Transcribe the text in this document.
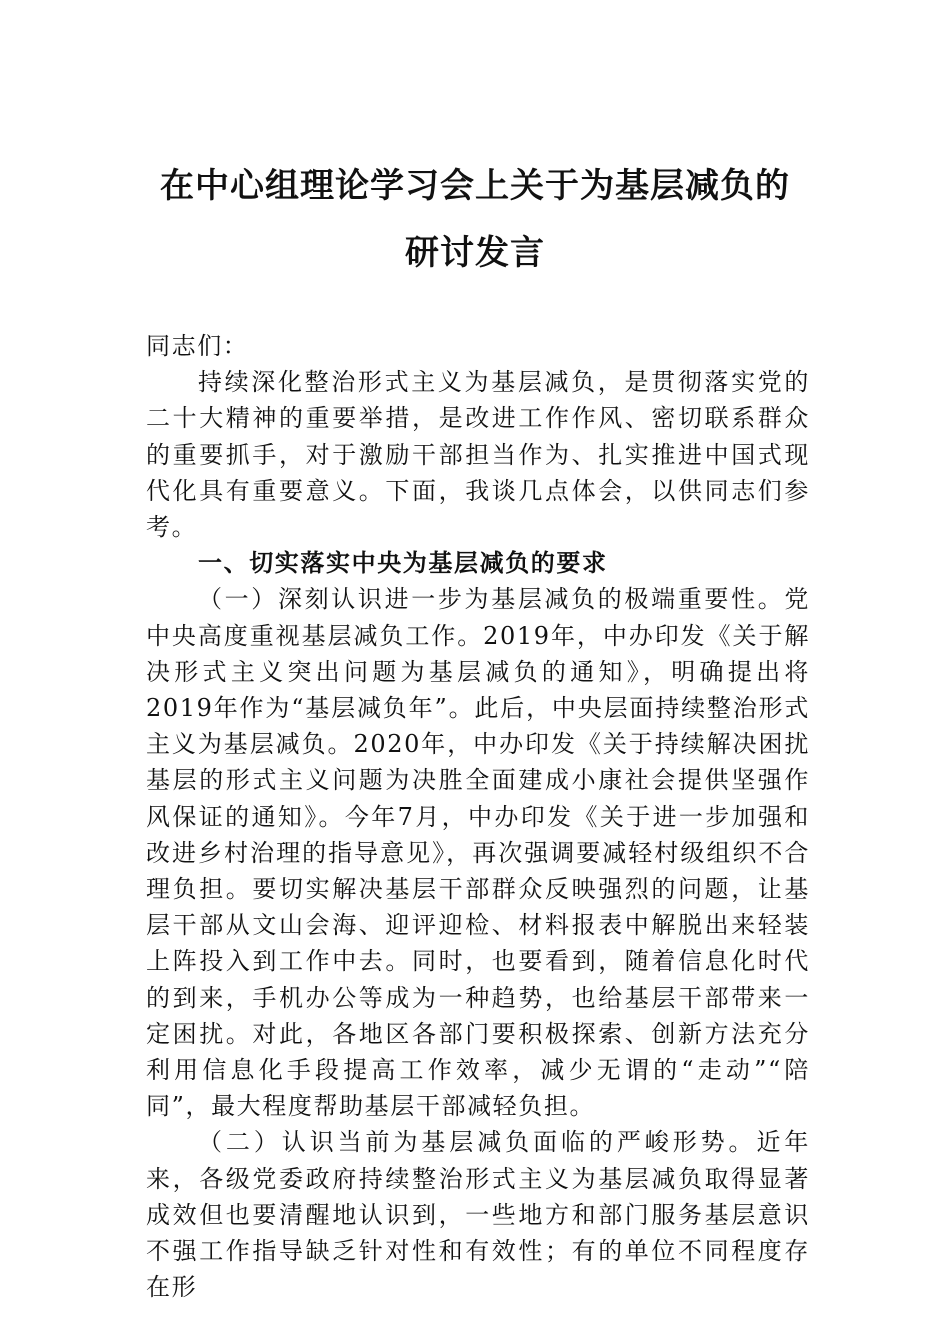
在中心组理论学习会上关于为基层减负的
研讨发言

同志们：

持续深化整治形式主义为基层减负，是贯彻落实党的二十大精神的重要举措，是改进工作作风、密切联系群众的重要抓手，对于激励干部担当作为、扎实推进中国式现代化具有重要意义。下面，我谈几点体会，以供同志们参考。

一、切实落实中央为基层减负的要求

（一）深刻认识进一步为基层减负的极端重要性。党中央高度重视基层减负工作。2019年，中办印发《关于解决形式主义突出问题为基层减负的通知》，明确提出将2019年作为“基层减负年”。此后，中央层面持续整治形式主义为基层减负。2020年，中办印发《关于持续解决困扰基层的形式主义问题为决胜全面建成小康社会提供坚强作风保证的通知》。今年7月，中办印发《关于进一步加强和改进乡村治理的指导意见》，再次强调要减轻村级组织不合理负担。要切实解决基层干部群众反映强烈的问题，让基层干部从文山会海、迎评迎检、材料报表中解脱出来轻装上阵投入到工作中去。同时，也要看到，随着信息化时代的到来，手机办公等成为一种趋势，也给基层干部带来一定困扰。对此，各地区各部门要积极探索、创新方法充分利用信息化手段提高工作效率，减少无谓的“走动”“陪同”，最大程度帮助基层干部减轻负担。

（二）认识当前为基层减负面临的严峻形势。近年来，各级党委政府持续整治形式主义为基层减负取得显著成效但也要清醒地认识到，一些地方和部门服务基层意识不强工作指导缺乏针对性和有效性；有的单位不同程度存在形
